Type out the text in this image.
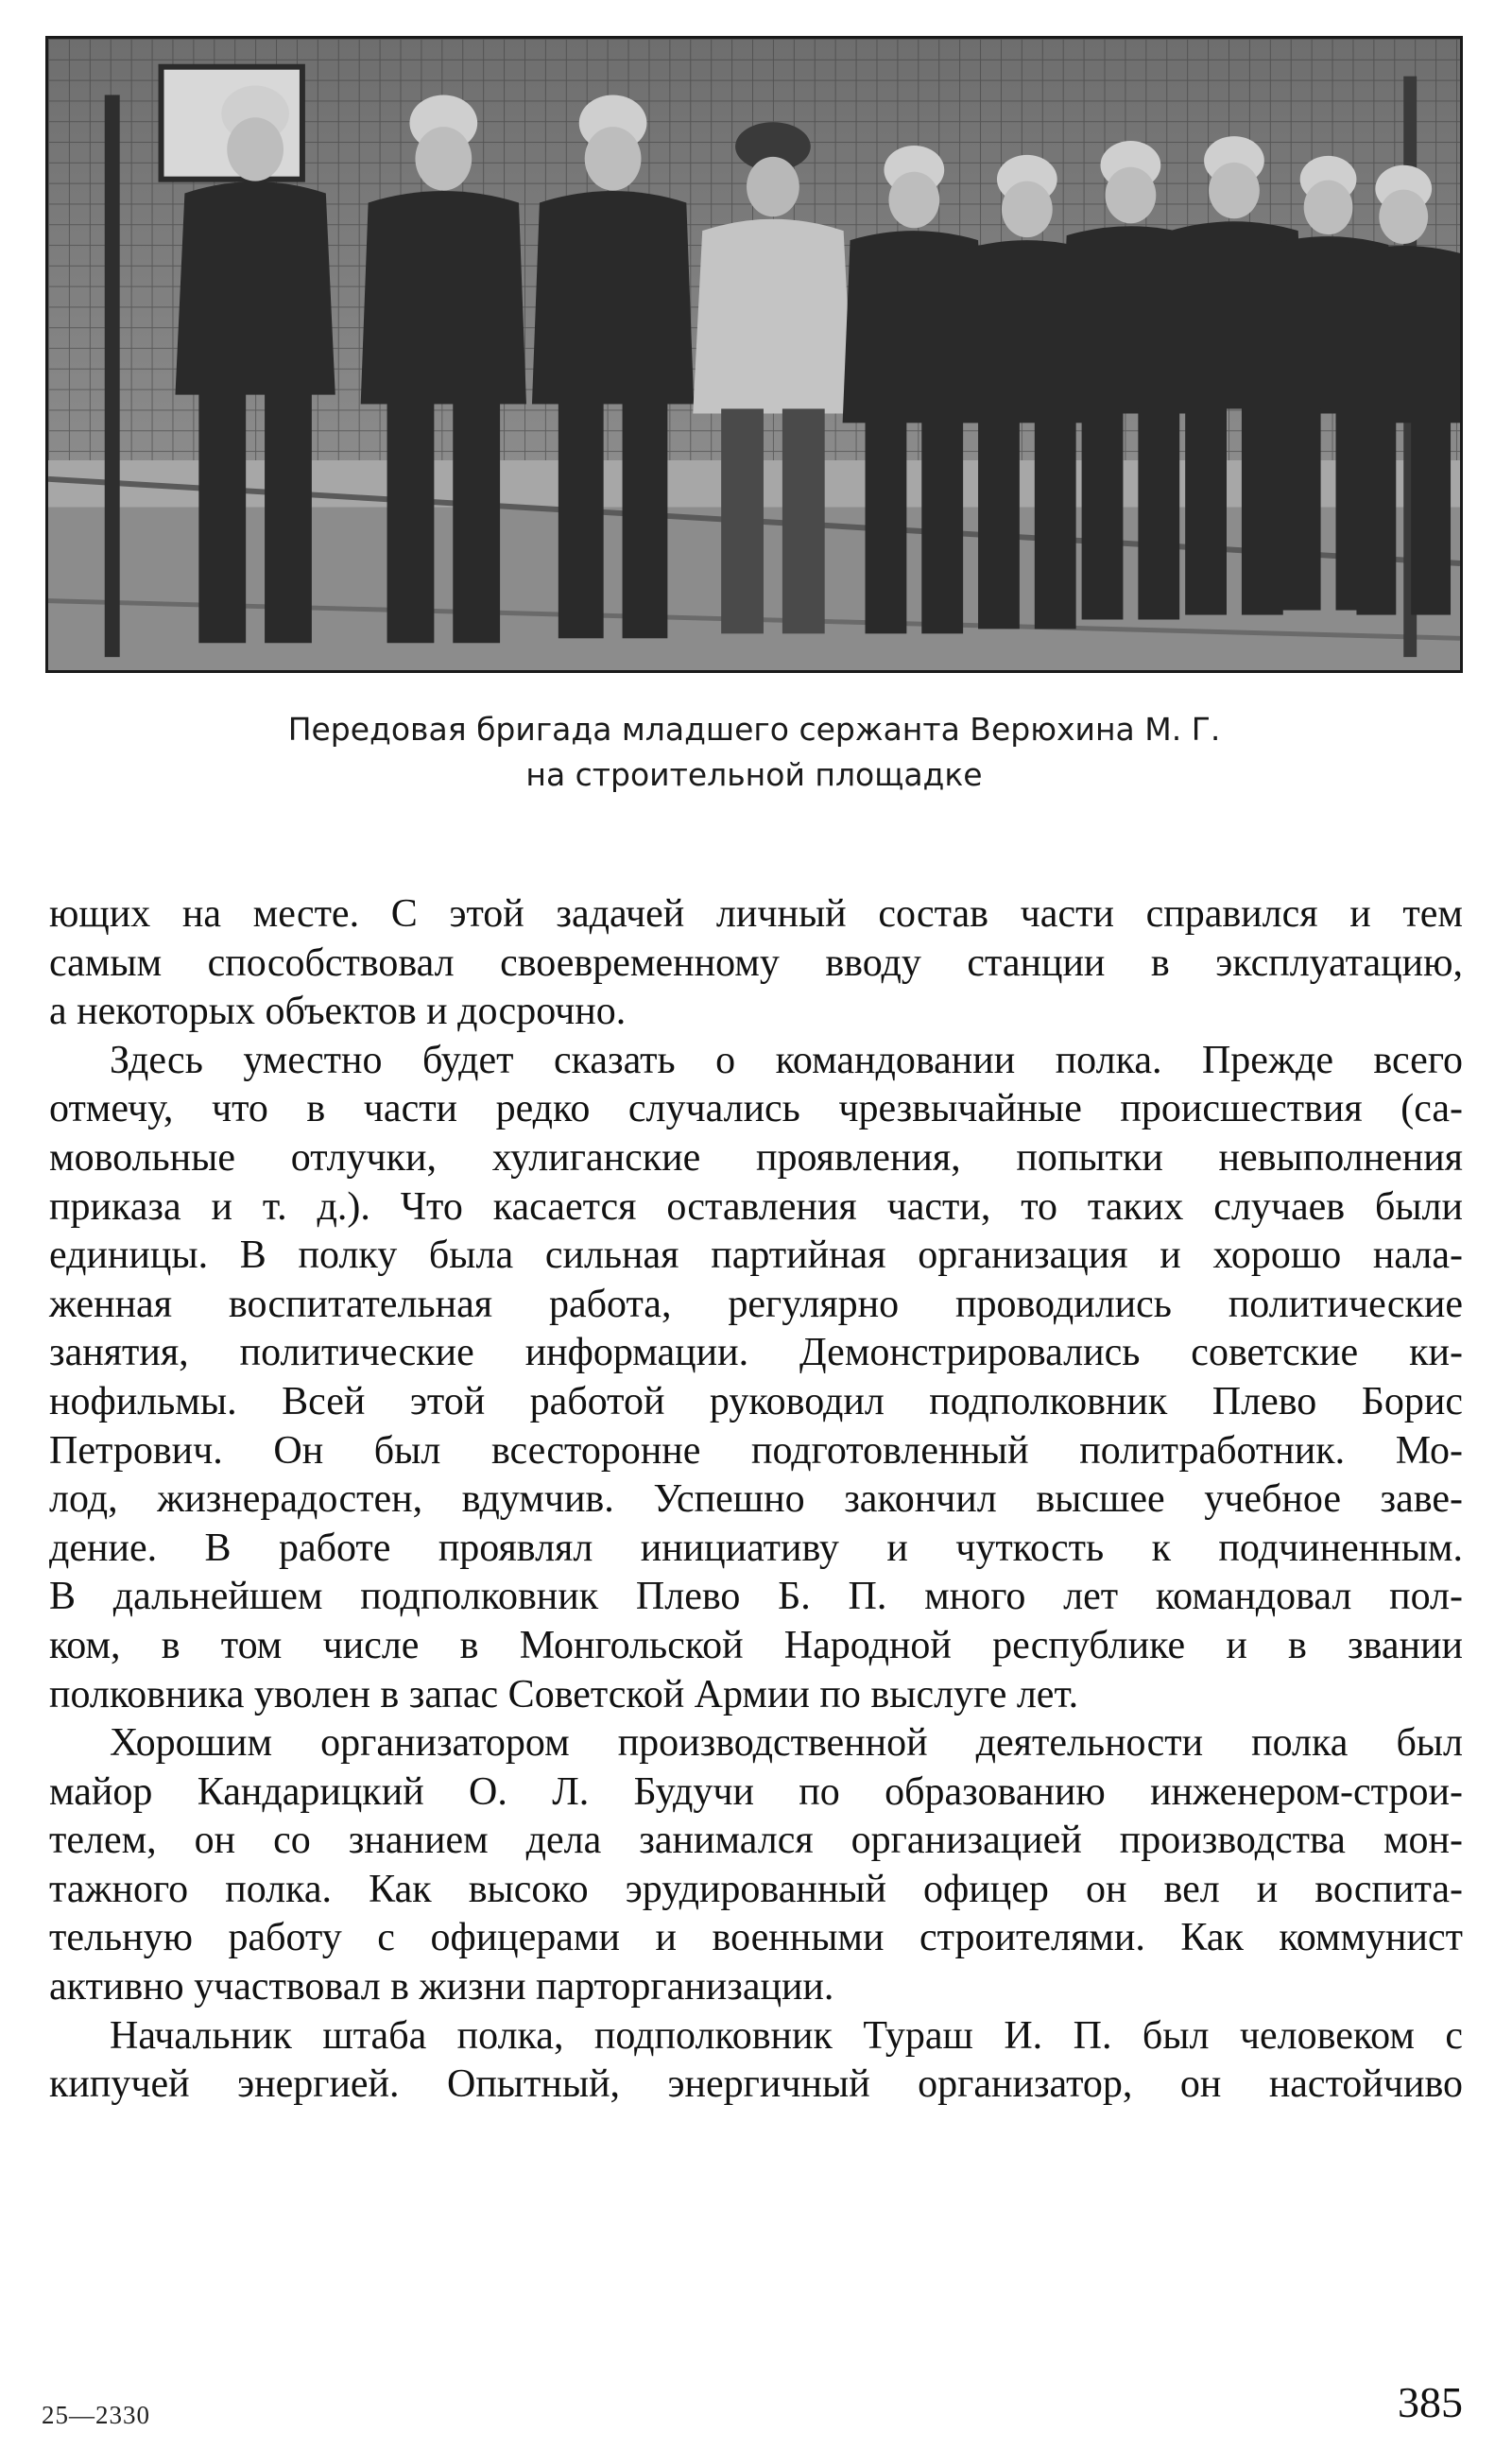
Передовая бригада младшего сержанта Верюхина М. Г.
на строительной площадке
ющих на месте. С этой задачей личный состав части справился и тем
самым способствовал своевременному вводу станции в эксплуатацию,
а некоторых объектов и досрочно.
Здесь уместно будет сказать о командовании полка. Прежде всего
отмечу, что в части редко случались чрезвычайные происшествия (са-
мовольные отлучки, хулиганские проявления, попытки невыполнения
приказа и т. д.). Что касается оставления части, то таких случаев были
единицы. В полку была сильная партийная организация и хорошо нала-
женная воспитательная работа, регулярно проводились политические
занятия, политические информации. Демонстрировались советские ки-
нофильмы. Всей этой работой руководил подполковник Плево Борис
Петрович. Он был всесторонне подготовленный политработник. Мо-
лод, жизнерадостен, вдумчив. Успешно закончил высшее учебное заве-
дение. В работе проявлял инициативу и чуткость к подчиненным.
В дальнейшем подполковник Плево Б. П. много лет командовал пол-
ком, в том числе в Монгольской Народной республике и в звании
полковника уволен в запас Советской Армии по выслуге лет.
Хорошим организатором производственной деятельности полка был
майор Кандарицкий О. Л. Будучи по образованию инженером-строи-
телем, он со знанием дела занимался организацией производства мон-
тажного полка. Как высоко эрудированный офицер он вел и воспита-
тельную работу с офицерами и военными строителями. Как коммунист
активно участвовал в жизни парторганизации.
Начальник штаба полка, подполковник Тураш И. П. был человеком с
кипучей энергией. Опытный, энергичный организатор, он настойчиво
25—2330	385
